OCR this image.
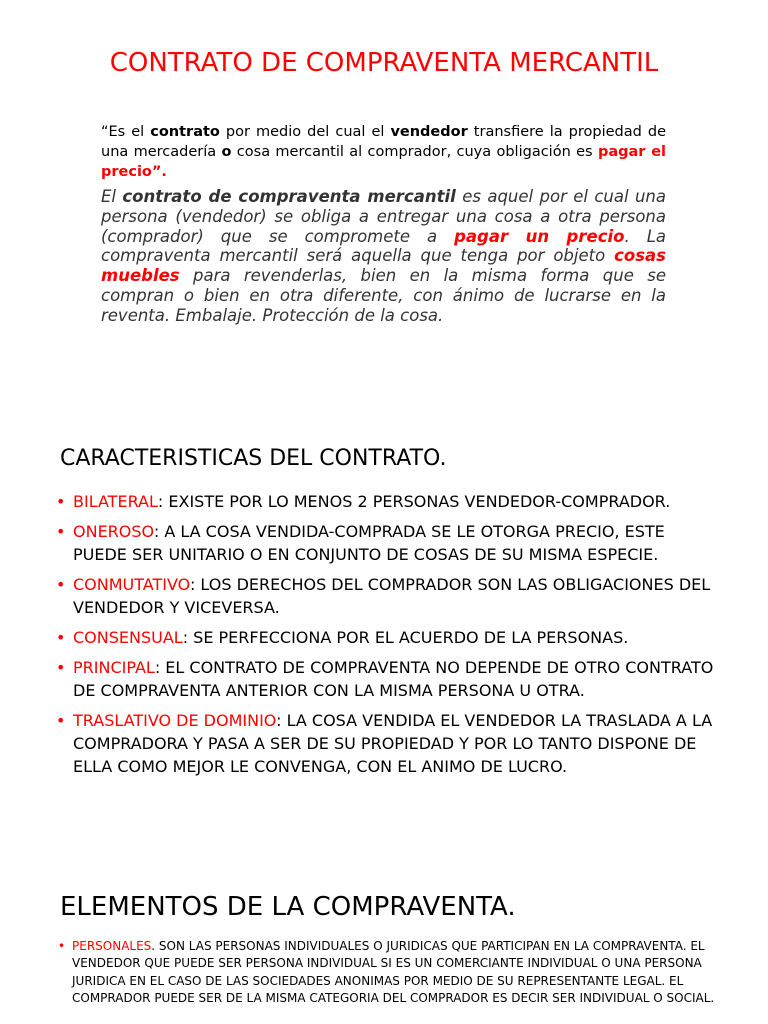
CONTRATO DE COMPRAVENTA MERCANTIL
“Es el contrato por medio del cual el vendedor transfiere la propiedad de una mercadería o cosa mercantil al comprador, cuya obligación es pagar el precio”.
El contrato de compraventa mercantil es aquel por el cual una persona (vendedor) se obliga a entregar una cosa a otra persona (comprador) que se compromete a pagar un precio. La compraventa mercantil será aquella que tenga por objeto cosas muebles para revenderlas, bien en la misma forma que se compran o bien en otra diferente, con ánimo de lucrarse en la reventa. Embalaje. Protección de la cosa.
CARACTERISTICAS DEL CONTRATO.
• BILATERAL: EXISTE POR LO MENOS 2 PERSONAS VENDEDOR-COMPRADOR.
• ONEROSO: A LA COSA VENDIDA-COMPRADA SE LE OTORGA PRECIO, ESTE PUEDE SER UNITARIO O EN CONJUNTO DE COSAS DE SU MISMA ESPECIE.
• CONMUTATIVO: LOS DERECHOS DEL COMPRADOR SON LAS OBLIGACIONES DEL VENDEDOR Y VICEVERSA.
• CONSENSUAL: SE PERFECCIONA POR EL ACUERDO DE LA PERSONAS.
• PRINCIPAL: EL CONTRATO DE COMPRAVENTA NO DEPENDE DE OTRO CONTRATO DE COMPRAVENTA ANTERIOR CON LA MISMA PERSONA U OTRA.
• TRASLATIVO DE DOMINIO: LA COSA VENDIDA EL VENDEDOR LA TRASLADA A LA COMPRADORA Y PASA A SER DE SU PROPIEDAD Y POR LO TANTO DISPONE DE ELLA COMO MEJOR LE CONVENGA, CON EL ANIMO DE LUCRO.
ELEMENTOS DE LA COMPRAVENTA.
• PERSONALES. SON LAS PERSONAS INDIVIDUALES O JURIDICAS QUE PARTICIPAN EN LA COMPRAVENTA. EL VENDEDOR QUE PUEDE SER PERSONA INDIVIDUAL SI ES UN COMERCIANTE INDIVIDUAL O UNA PERSONA JURIDICA EN EL CASO DE LAS SOCIEDADES ANONIMAS POR MEDIO DE SU REPRESENTANTE LEGAL. EL COMPRADOR PUEDE SER DE LA MISMA CATEGORIA DEL COMPRADOR ES DECIR SER INDIVIDUAL O SOCIAL.
